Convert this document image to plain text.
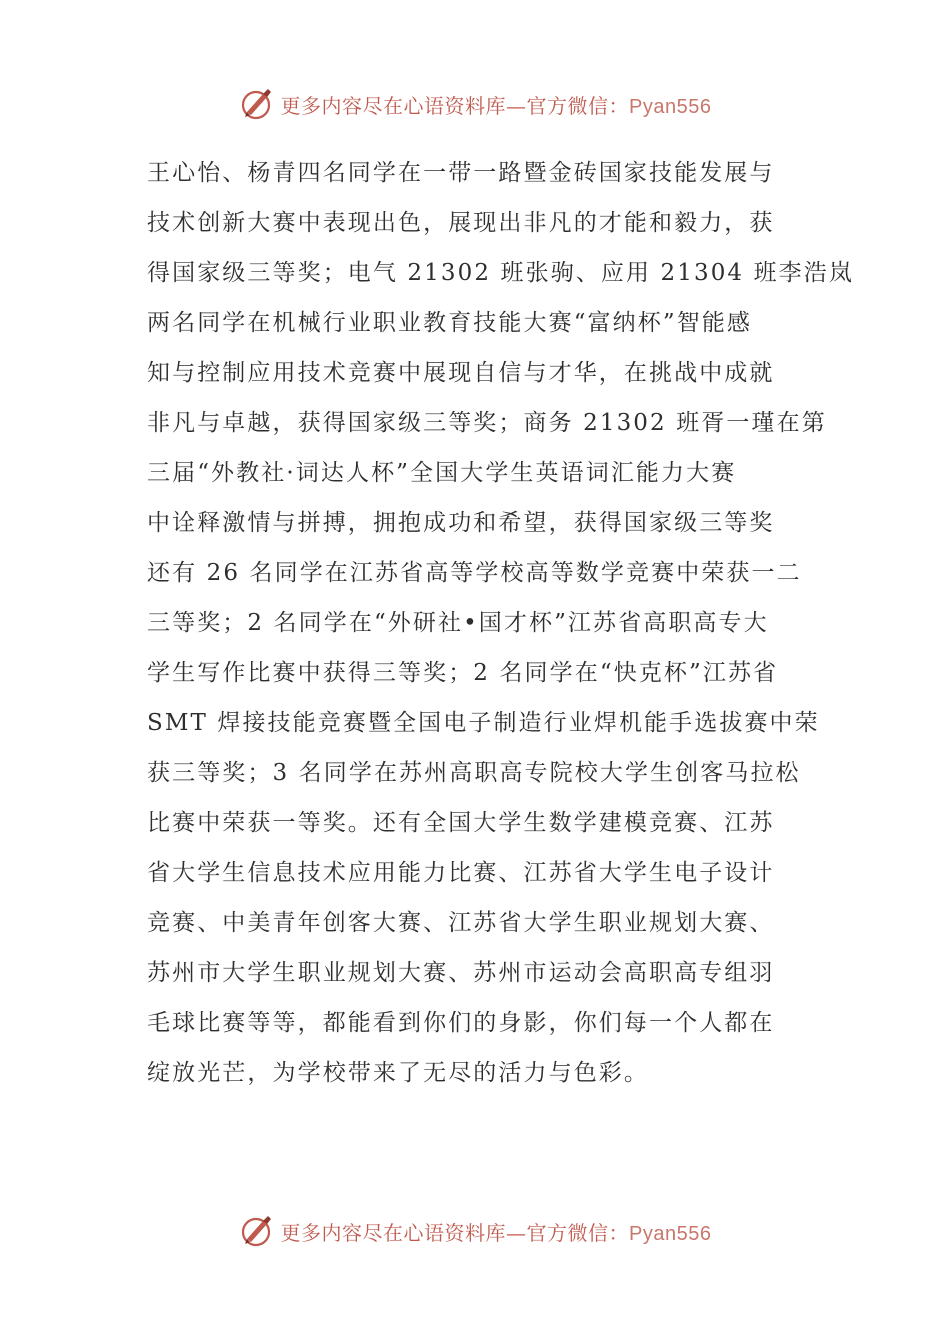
更多内容尽在心语资料库—官方微信：Pyan556
王心怡、杨青四名同学在一带一路暨金砖国家技能发展与
技术创新大赛中表现出色，展现出非凡的才能和毅力，获
得国家级三等奖；电气 21302 班张驹、应用 21304 班李浩岚
两名同学在机械行业职业教育技能大赛“富纳杯”智能感
知与控制应用技术竞赛中展现自信与才华，在挑战中成就
非凡与卓越，获得国家级三等奖；商务 21302 班胥一瑾在第
三届“外教社·词达人杯”全国大学生英语词汇能力大赛
中诠释激情与拼搏，拥抱成功和希望，获得国家级三等奖
还有 26 名同学在江苏省高等学校高等数学竞赛中荣获一二
三等奖；2 名同学在“外研社•国才杯”江苏省高职高专大
学生写作比赛中获得三等奖；2 名同学在“快克杯”江苏省
SMT 焊接技能竞赛暨全国电子制造行业焊机能手选拔赛中荣
获三等奖；3 名同学在苏州高职高专院校大学生创客马拉松
比赛中荣获一等奖。还有全国大学生数学建模竞赛、江苏
省大学生信息技术应用能力比赛、江苏省大学生电子设计
竞赛、中美青年创客大赛、江苏省大学生职业规划大赛、
苏州市大学生职业规划大赛、苏州市运动会高职高专组羽
毛球比赛等等，都能看到你们的身影，你们每一个人都在
绽放光芒，为学校带来了无尽的活力与色彩。
更多内容尽在心语资料库—官方微信：Pyan556
